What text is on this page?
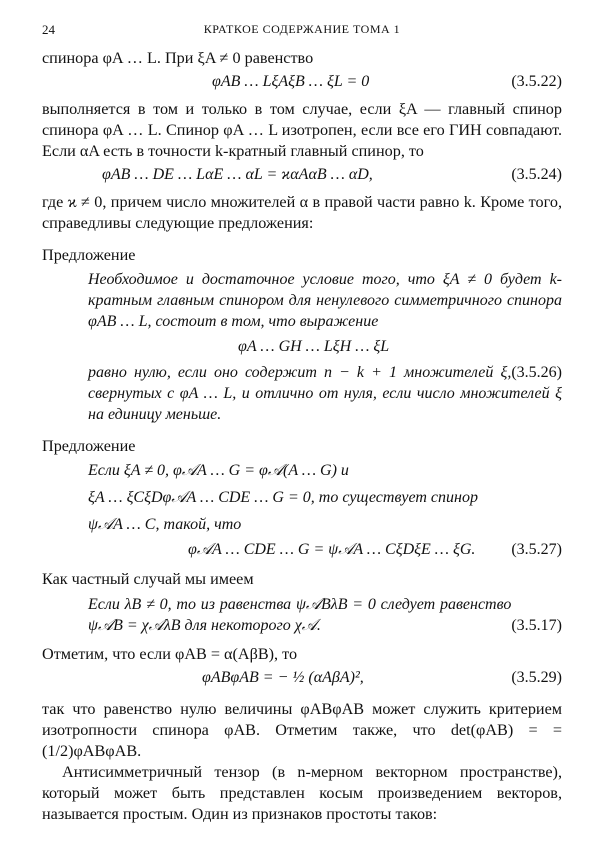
24	КРАТКОЕ СОДЕРЖАНИЕ ТОМА 1

спинора φA … L. При ξA ≠ 0 равенство

φAB … LξAξB … ξL = 0	(3.5.22)

выполняется в том и только в том случае, если ξA — главный спинор спинора φA … L. Спинор φA … L изотропен, если все его ГИН совпадают. Если αA есть в точности k-кратный главный спинор, то

φAB … DE … LαE … αL = ϰαAαB … αD,	(3.5.24)

где ϰ ≠ 0, причем число множителей α в правой части равно k. Кроме того, справедливы следующие предложения:

Предложение
Необходимое и достаточное условие того, что ξA ≠ 0 будет k-кратным главным спинором для ненулевого симметричного спинора φAB … L, состоит в том, что выражение
φA … GH … LξH … ξL
(3.5.26)
равно нулю, если оно содержит n − k + 1 множителей ξ, свернутых с φA … L, и отлично от нуля, если число множителей ξ на единицу меньше.
Предложение
Если ξA ≠ 0, φ𝒜A … G = φ𝒜(A … G) и
ξA … ξCξDφ𝒜A … CDE … G = 0, то существует спинор
ψ𝒜A … C, такой, что
φ𝒜A … CDE … G = ψ𝒜A … CξDξE … ξG. (3.5.27)

Как частный случай мы имеем

(3.5.17)
Если λB ≠ 0, то из равенства ψ𝒜BλB = 0 следует равенство ψ𝒜B = χ𝒜λB для некоторого χ𝒜.

Отметим, что если φAB = α(AβB), то

φABφAB = − ½ (αAβA)²,	(3.5.29)

так что равенство нулю величины φABφAB может служить критерием изотропности спинора φAB. Отметим также, что det(φAB) = = (1/2)φABφAB.

Антисимметричный тензор (в n-мерном векторном пространстве), который может быть представлен косым произведением векторов, называется простым. Один из признаков простоты таков:
